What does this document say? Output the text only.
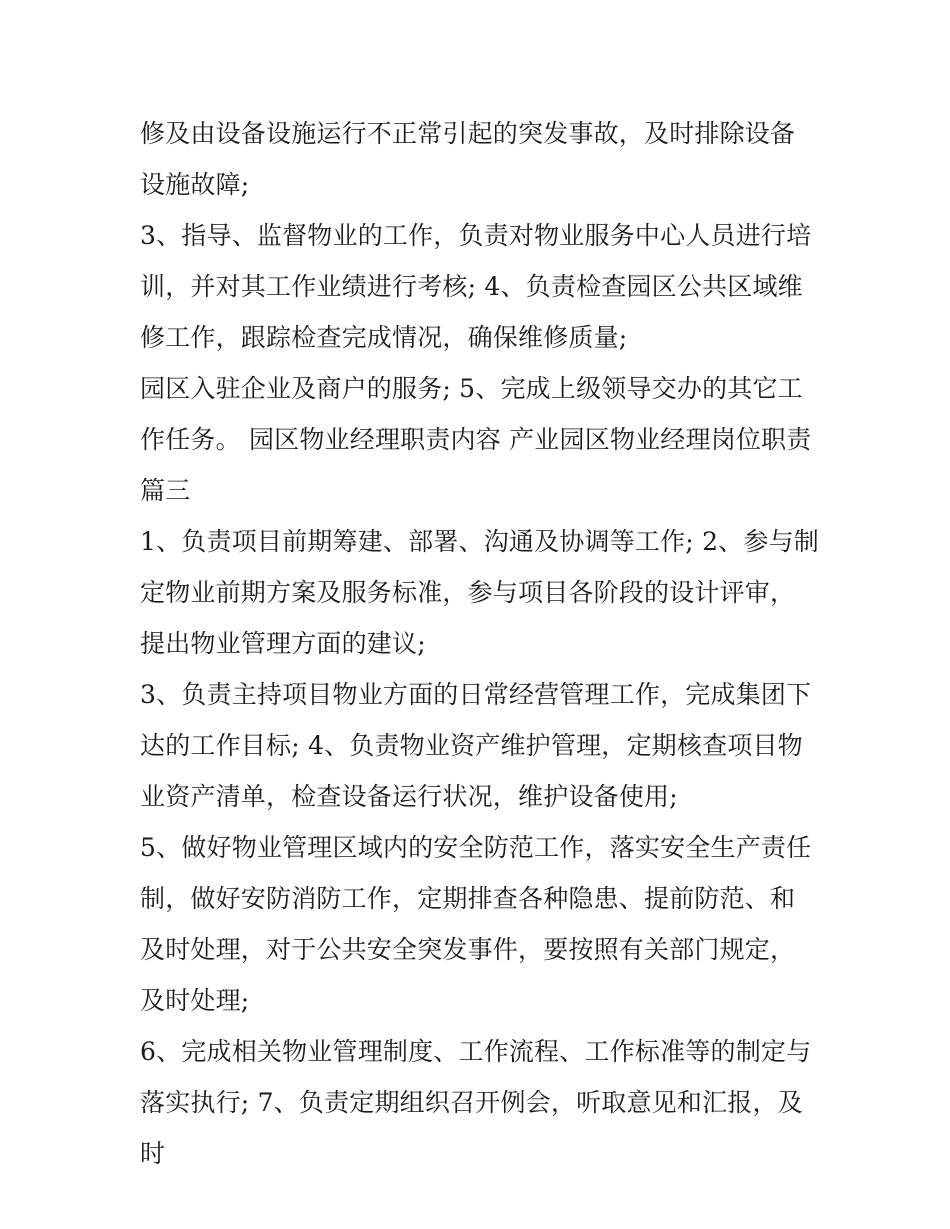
修及由设备设施运行不正常引起的突发事故，及时排除设备设施故障;

3、指导、监督物业的工作，负责对物业服务中心人员进行培训，并对其工作业绩进行考核; 4、负责检查园区公共区域维修工作，跟踪检查完成情况，确保维修质量;

园区入驻企业及商户的服务; 5、完成上级领导交办的其它工作任务。 园区物业经理职责内容 产业园区物业经理岗位职责篇三

1、负责项目前期筹建、部署、沟通及协调等工作; 2、参与制定物业前期方案及服务标准，参与项目各阶段的设计评审，提出物业管理方面的建议;

3、负责主持项目物业方面的日常经营管理工作，完成集团下达的工作目标; 4、负责物业资产维护管理，定期核查项目物业资产清单，检查设备运行状况，维护设备使用;

5、做好物业管理区域内的安全防范工作，落实安全生产责任制，做好安防消防工作，定期排查各种隐患、提前防范、和及时处理，对于公共安全突发事件，要按照有关部门规定，及时处理;

6、完成相关物业管理制度、工作流程、工作标准等的制定与落实执行; 7、负责定期组织召开例会，听取意见和汇报，及时
